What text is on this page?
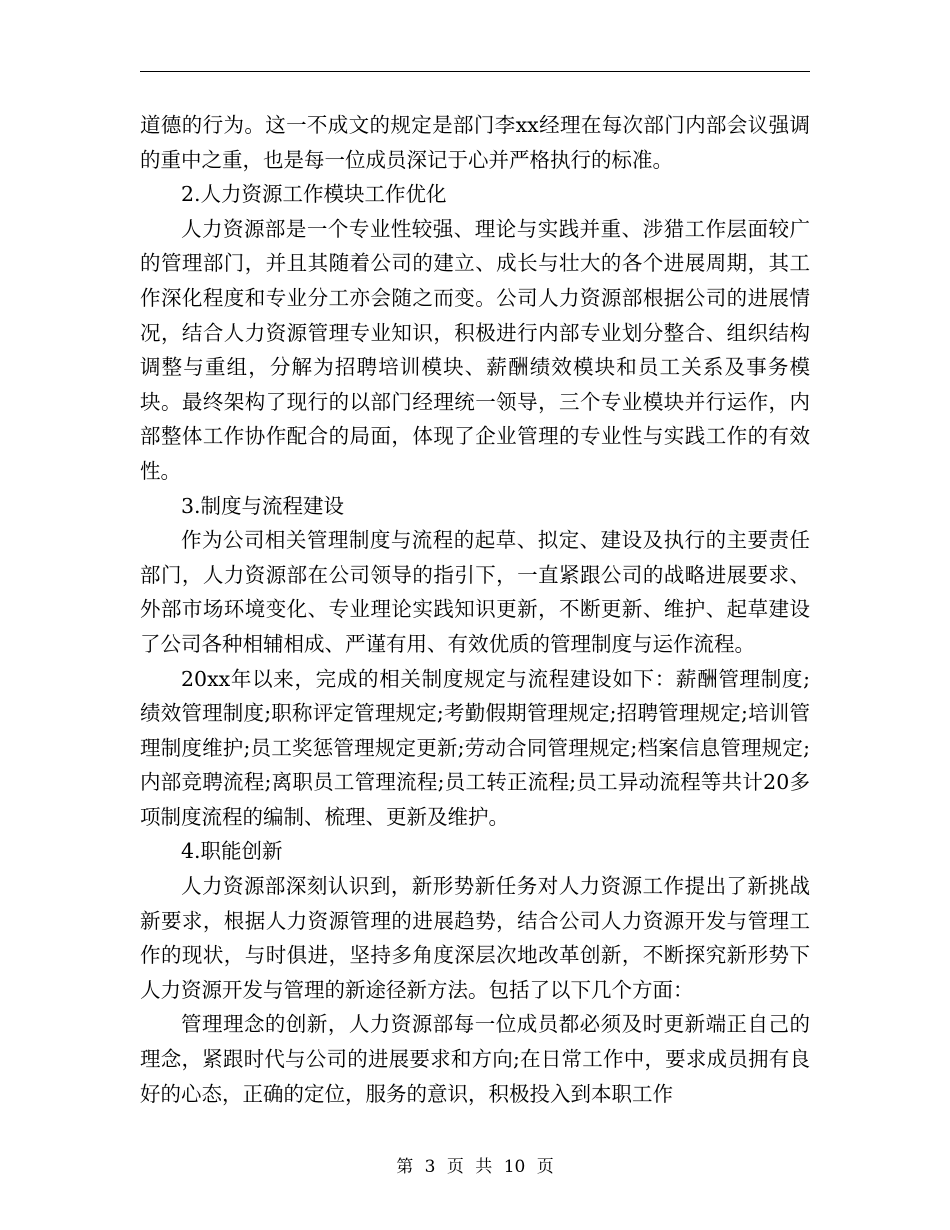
道德的行为。这一不成文的规定是部门李xx经理在每次部门内部会议强调的重中之重，也是每一位成员深记于心并严格执行的标准。

2.人力资源工作模块工作优化

人力资源部是一个专业性较强、理论与实践并重、涉猎工作层面较广的管理部门，并且其随着公司的建立、成长与壮大的各个进展周期，其工作深化程度和专业分工亦会随之而变。公司人力资源部根据公司的进展情况，结合人力资源管理专业知识，积极进行内部专业划分整合、组织结构调整与重组，分解为招聘培训模块、薪酬绩效模块和员工关系及事务模块。最终架构了现行的以部门经理统一领导，三个专业模块并行运作，内部整体工作协作配合的局面，体现了企业管理的专业性与实践工作的有效性。

3.制度与流程建设

作为公司相关管理制度与流程的起草、拟定、建设及执行的主要责任部门，人力资源部在公司领导的指引下，一直紧跟公司的战略进展要求、外部市场环境变化、专业理论实践知识更新，不断更新、维护、起草建设了公司各种相辅相成、严谨有用、有效优质的管理制度与运作流程。

20xx年以来，完成的相关制度规定与流程建设如下：薪酬管理制度;绩效管理制度;职称评定管理规定;考勤假期管理规定;招聘管理规定;培训管理制度维护;员工奖惩管理规定更新;劳动合同管理规定;档案信息管理规定;内部竞聘流程;离职员工管理流程;员工转正流程;员工异动流程等共计20多项制度流程的编制、梳理、更新及维护。

4.职能创新

人力资源部深刻认识到，新形势新任务对人力资源工作提出了新挑战新要求，根据人力资源管理的进展趋势，结合公司人力资源开发与管理工作的现状，与时俱进，坚持多角度深层次地改革创新，不断探究新形势下人力资源开发与管理的新途径新方法。包括了以下几个方面：

管理理念的创新，人力资源部每一位成员都必须及时更新端正自己的理念，紧跟时代与公司的进展要求和方向;在日常工作中，要求成员拥有良好的心态，正确的定位，服务的意识，积极投入到本职工作

第 3 页 共 10 页
